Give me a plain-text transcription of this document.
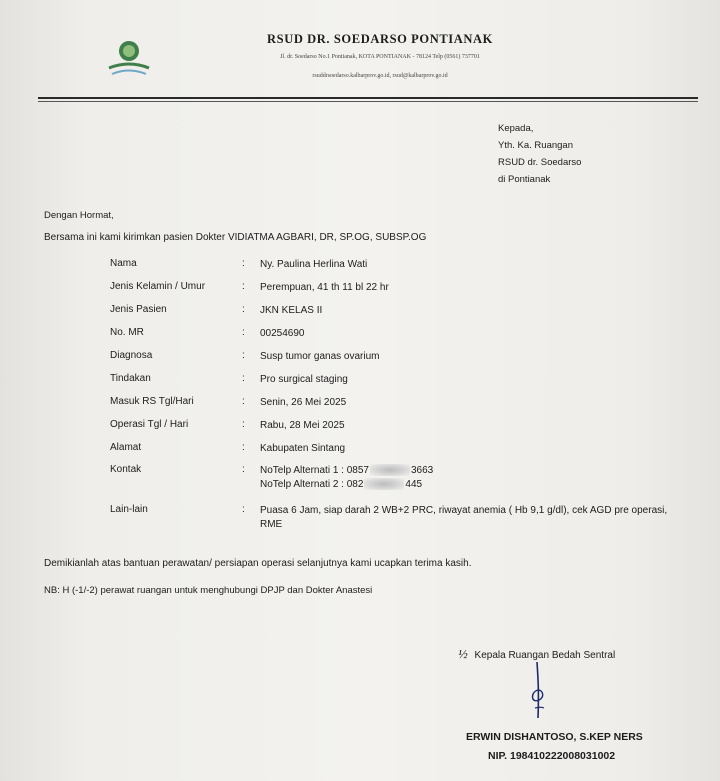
RSUD DR. SOEDARSO PONTIANAK
Jl. dr. Soedarso No.1 Pontianak, KOTA PONTIANAK - 78124 Telp (0561) 737701
rsuddrsoedarso.kalbarprov.go.id, rsud@kalbarprov.go.id
Kepada,
Yth. Ka. Ruangan
RSUD dr. Soedarso
di Pontianak
Dengan Hormat,
Bersama ini kami kirimkan pasien Dokter VIDIATMA AGBARI, DR, SP.OG, SUBSP.OG
Nama	: Ny. Paulina Herlina Wati
Jenis Kelamin / Umur	: Perempuan, 41 th 11 bl 22 hr
Jenis Pasien	: JKN KELAS II
No. MR	: 00254690
Diagnosa	: Susp tumor ganas ovarium
Tindakan	: Pro surgical staging
Masuk RS Tgl/Hari	: Senin, 26 Mei 2025
Operasi Tgl / Hari	: Rabu, 28 Mei 2025
Alamat	: Kabupaten Sintang
Kontak	: NoTelp Alternati 1 : 0857	3663
NoTelp Alternati 2 : 082	445
Lain-lain	: Puasa 6 Jam, siap darah 2 WB+2 PRC, riwayat anemia ( Hb 9,1 g/dl), cek AGD pre operasi, RME
Demikianlah atas bantuan perawatan/ persiapan operasi selanjutnya kami ucapkan terima kasih.
NB: H (-1/-2) perawat ruangan untuk menghubungi DPJP dan Dokter Anastesi
½ Kepala Ruangan Bedah Sentral
ERWIN DISHANTOSO, S.KEP NERS
NIP. 198410222008031002
